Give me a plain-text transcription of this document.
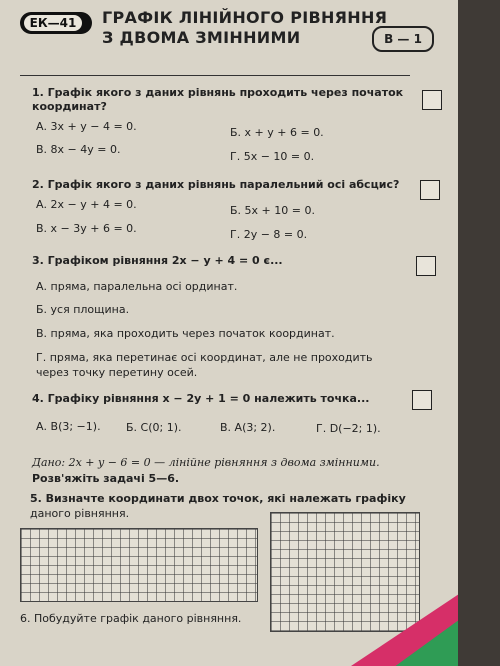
ЕК—41	ГРАФІК ЛІНІЙНОГО РІВНЯННЯ
З ДВОМА ЗМІННИМИ	В — 1
1. Графік якого з даних рівнянь проходить через початок координат?
А. 3x + y − 4 = 0.	Б. x + y + 6 = 0.
В. 8x − 4y = 0.
Г. 5x − 10 = 0.
2. Графік якого з даних рівнянь паралельний осі абсцис?
А. 2x − y + 4 = 0.	Б. 5x + 10 = 0.
В. x − 3y + 6 = 0.	Г. 2y − 8 = 0.
3. Графіком рівняння 2x − y + 4 = 0 є...
А. пряма, паралельна осі ординат.
Б. уся площина.
В. пряма, яка проходить через початок координат.
Г. пряма, яка перетинає осі координат, але не проходить
через точку перетину осей.
4. Графіку рівняння x − 2y + 1 = 0 належить точка...
А. B(3; −1). Б. C(0; 1).	В. A(3; 2).	Г. D(−2; 1).
Дано: 2x + y − 6 = 0 — лінійне рівняння з двома змінними.
Розв'яжіть задачі 5—6.
5. Визначте координати двох точок, які належать графіку
даного рівняння.
6. Побудуйте графік даного рівняння.
